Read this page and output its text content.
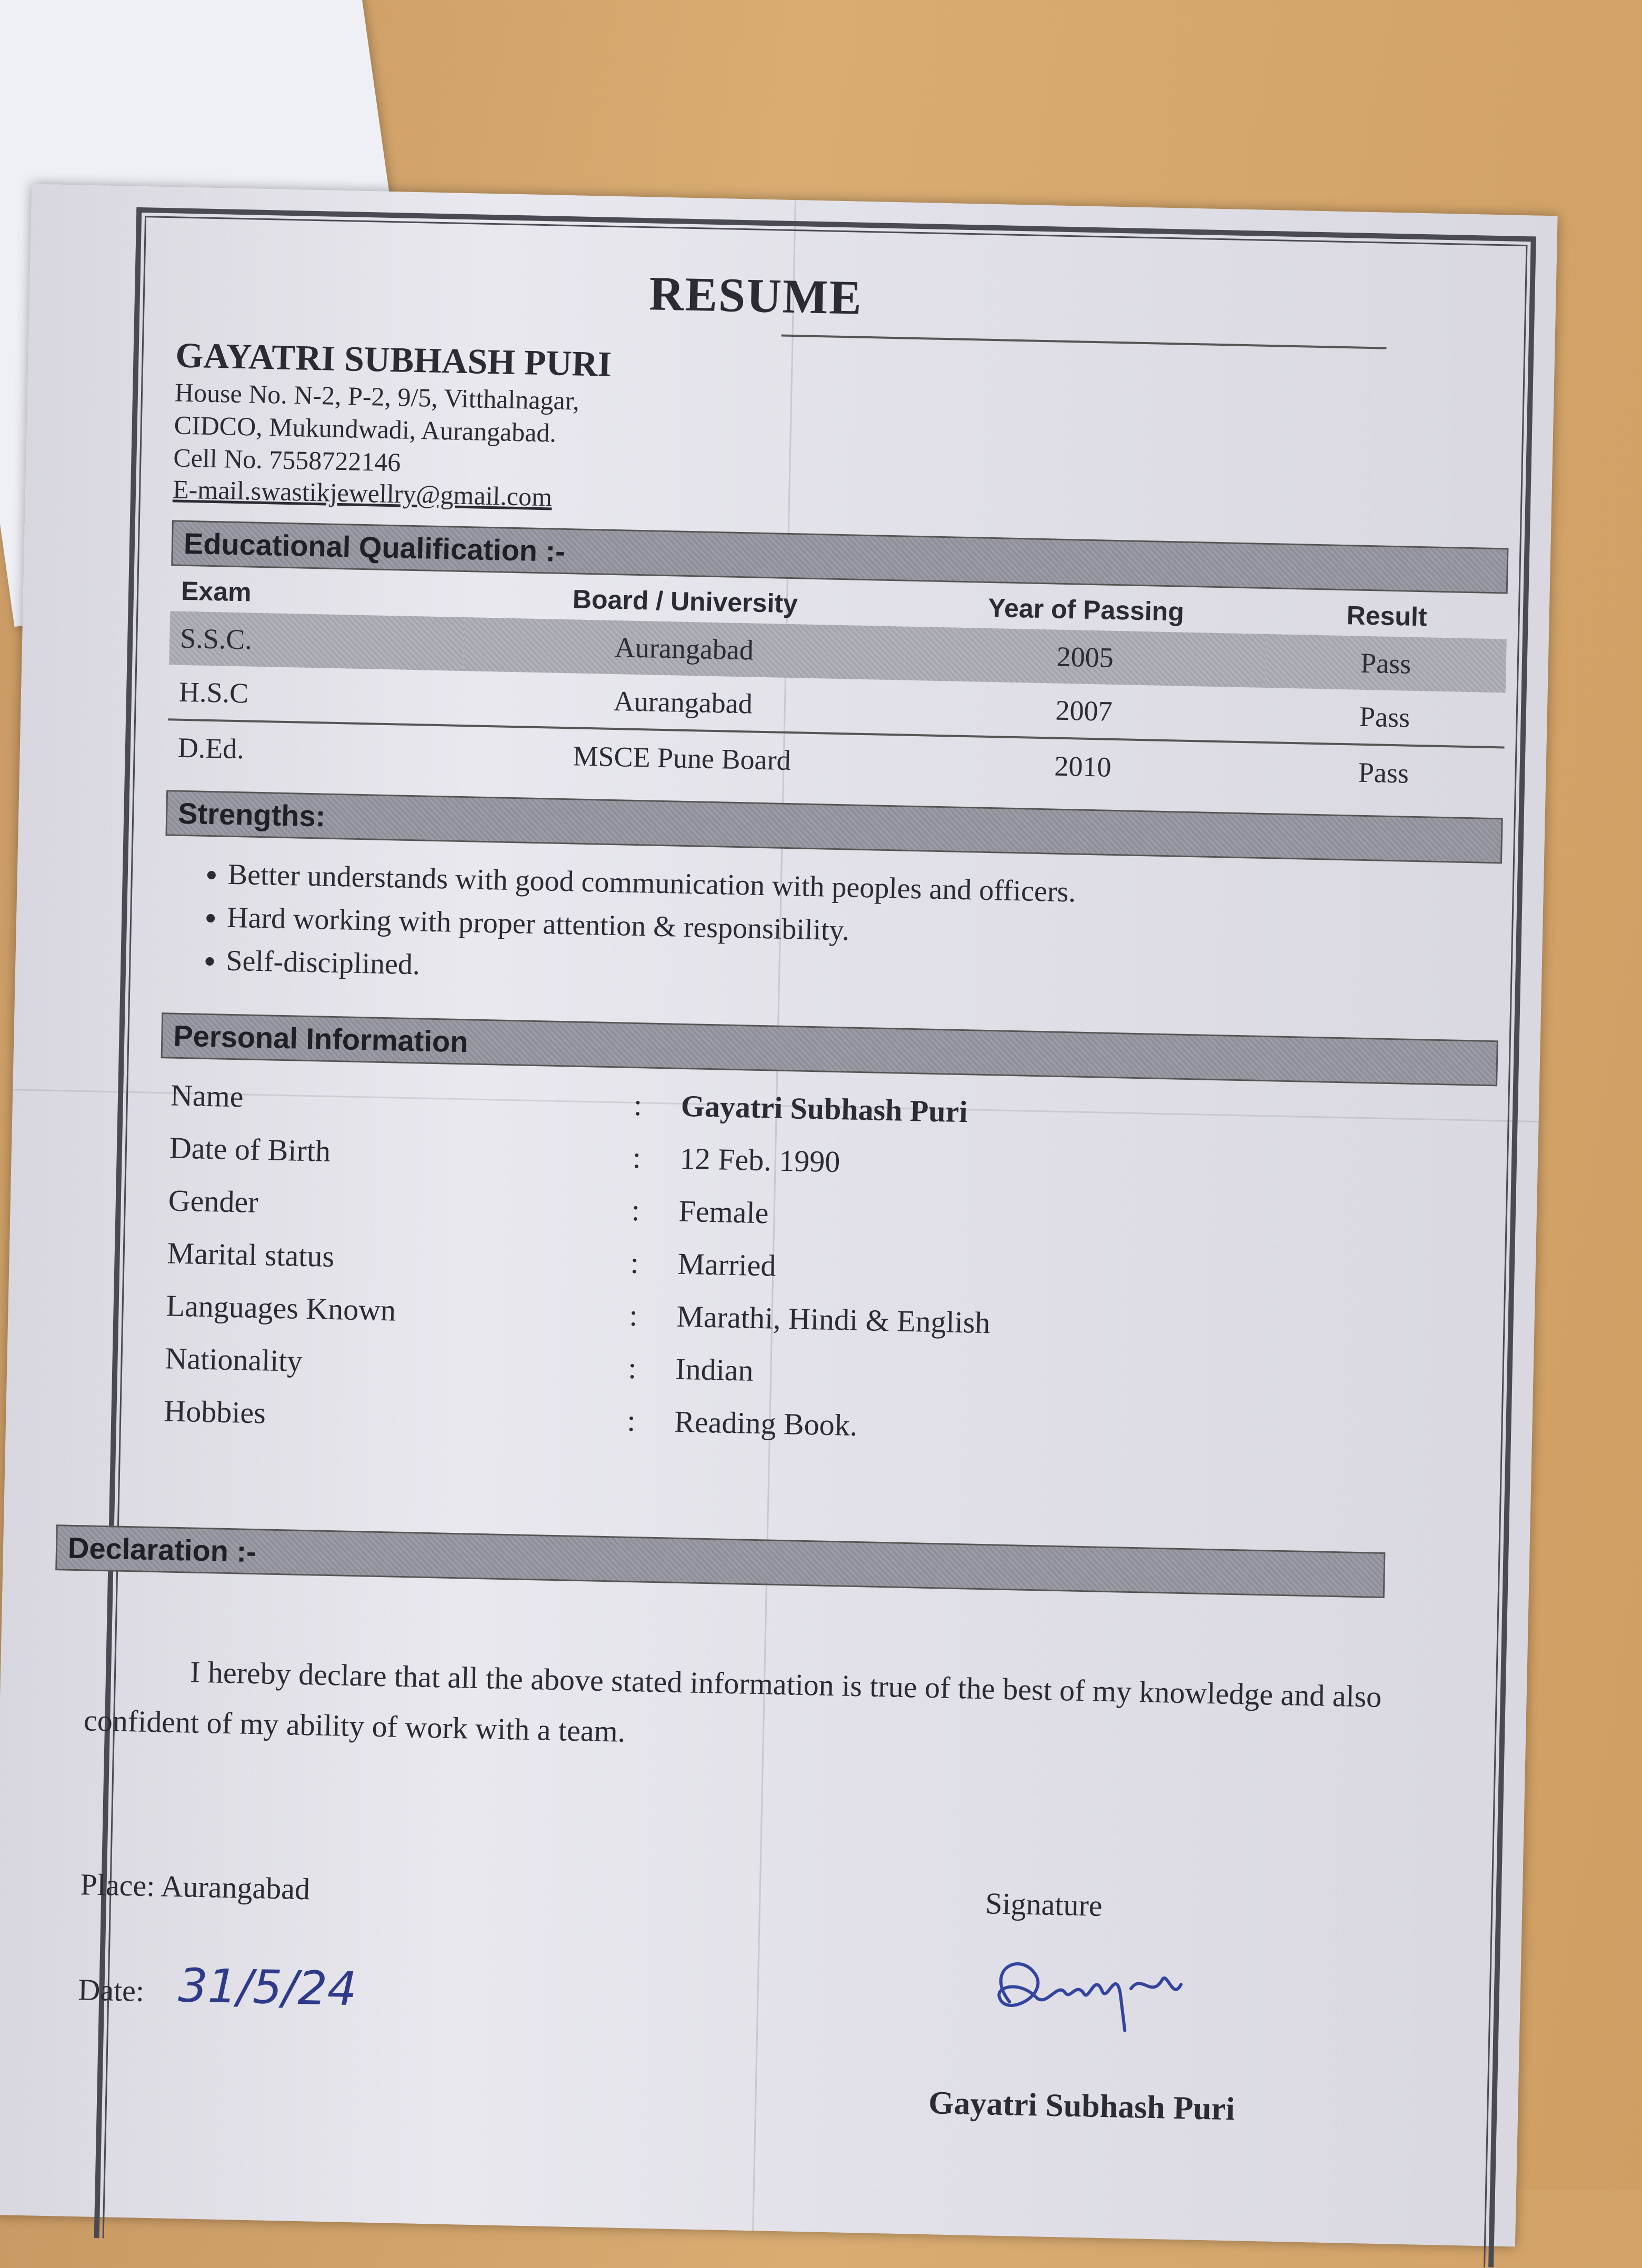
RESUME
GAYATRI SUBHASH PURI
House No. N-2, P-2, 9/5, Vitthalnagar,
CIDCO, Mukundwadi, Aurangabad.
Cell No. 7558722146
E-mail.swastikjewellry@gmail.com
Educational Qualification :-
Exam	Board / University	Year of Passing	Result
S.S.C.	Aurangabad	2005	Pass
H.S.C	Aurangabad	2007	Pass
D.Ed.	MSCE Pune Board	2010	Pass
Strengths:
• Better understands with good communication with peoples and officers.
• Hard working with proper attention & responsibility.
• Self-disciplined.
Personal Information
Name	:	Gayatri Subhash Puri
Date of Birth	:	12 Feb. 1990
Gender	:	Female
Marital status	:	Married
Languages Known	:	Marathi, Hindi & English
Nationality	:	Indian
Hobbies	:	Reading Book.
Declaration :-
I hereby declare that all the above stated information is true of the best of my knowledge and also confident of my ability of work with a team.
Place: Aurangabad
Date: 31/5/24
Signature
Gayatri Subhash Puri
